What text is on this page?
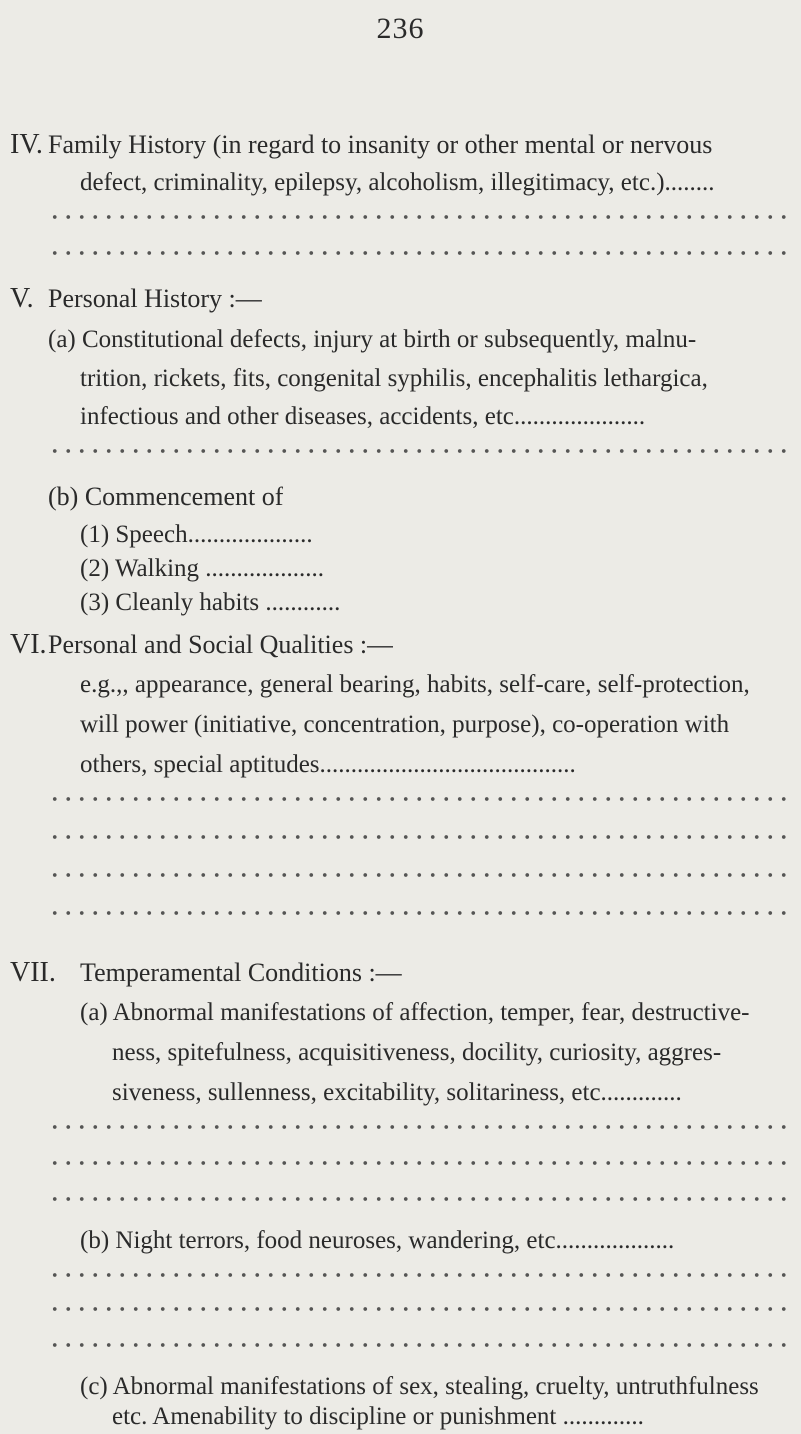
236
IV. Family History (in regard to insanity or other mental or nervous
defect, criminality, epilepsy, alcoholism, illegitimacy, etc.)........
V. Personal History :—
(a) Constitutional defects, injury at birth or subsequently, malnu-
trition, rickets, fits, congenital syphilis, encephalitis lethargica,
infectious and other diseases, accidents, etc.....................
(b) Commencement of
(1) Speech....................
(2) Walking ...................
(3) Cleanly habits ............
VI. Personal and Social Qualities :—
e.g.,, appearance, general bearing, habits, self-care, self-protection,
will power (initiative, concentration, purpose), co-operation with
others, special aptitudes.........................................
VII. Temperamental Conditions :—
(a) Abnormal manifestations of affection, temper, fear, destructive-
ness, spitefulness, acquisitiveness, docility, curiosity, aggres-
siveness, sullenness, excitability, solitariness, etc.............
(b) Night terrors, food neuroses, wandering, etc...................
(c) Abnormal manifestations of sex, stealing, cruelty, untruthfulness
etc. Amenability to discipline or punishment .............
